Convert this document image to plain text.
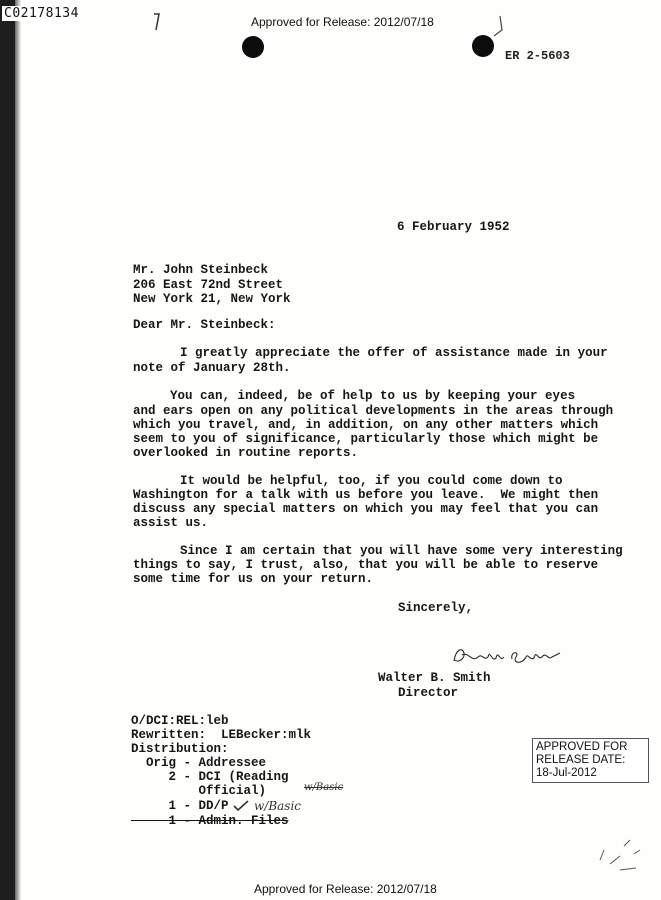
C02178134
Approved for Release: 2012/07/18
ER 2-5603
6 February 1952
Mr. John Steinbeck
206 East 72nd Street
New York 21, New York
Dear Mr. Steinbeck:
I greatly appreciate the offer of assistance made in your
note of January 28th.
You can, indeed, be of help to us by keeping your eyes
and ears open on any political developments in the areas through
which you travel, and, in addition, on any other matters which
seem to you of significance, particularly those which might be
overlooked in routine reports.
It would be helpful, too, if you could come down to
Washington for a talk with us before you leave.  We might then
discuss any special matters on which you may feel that you can
assist us.
Since I am certain that you will have some very interesting
things to say, I trust, also, that you will be able to reserve
some time for us on your return.
Sincerely,
Walter B. Smith
Director
O/DCI:REL:leb
Rewritten:  LEBecker:mlk
Distribution:
Orig - Addressee
2 - DCI (Reading
Official)
1 - DD/P
1 - Admin. Files
w/Basic
w/Basic
APPROVED FOR
RELEASE DATE:
18-Jul-2012
Approved for Release: 2012/07/18
